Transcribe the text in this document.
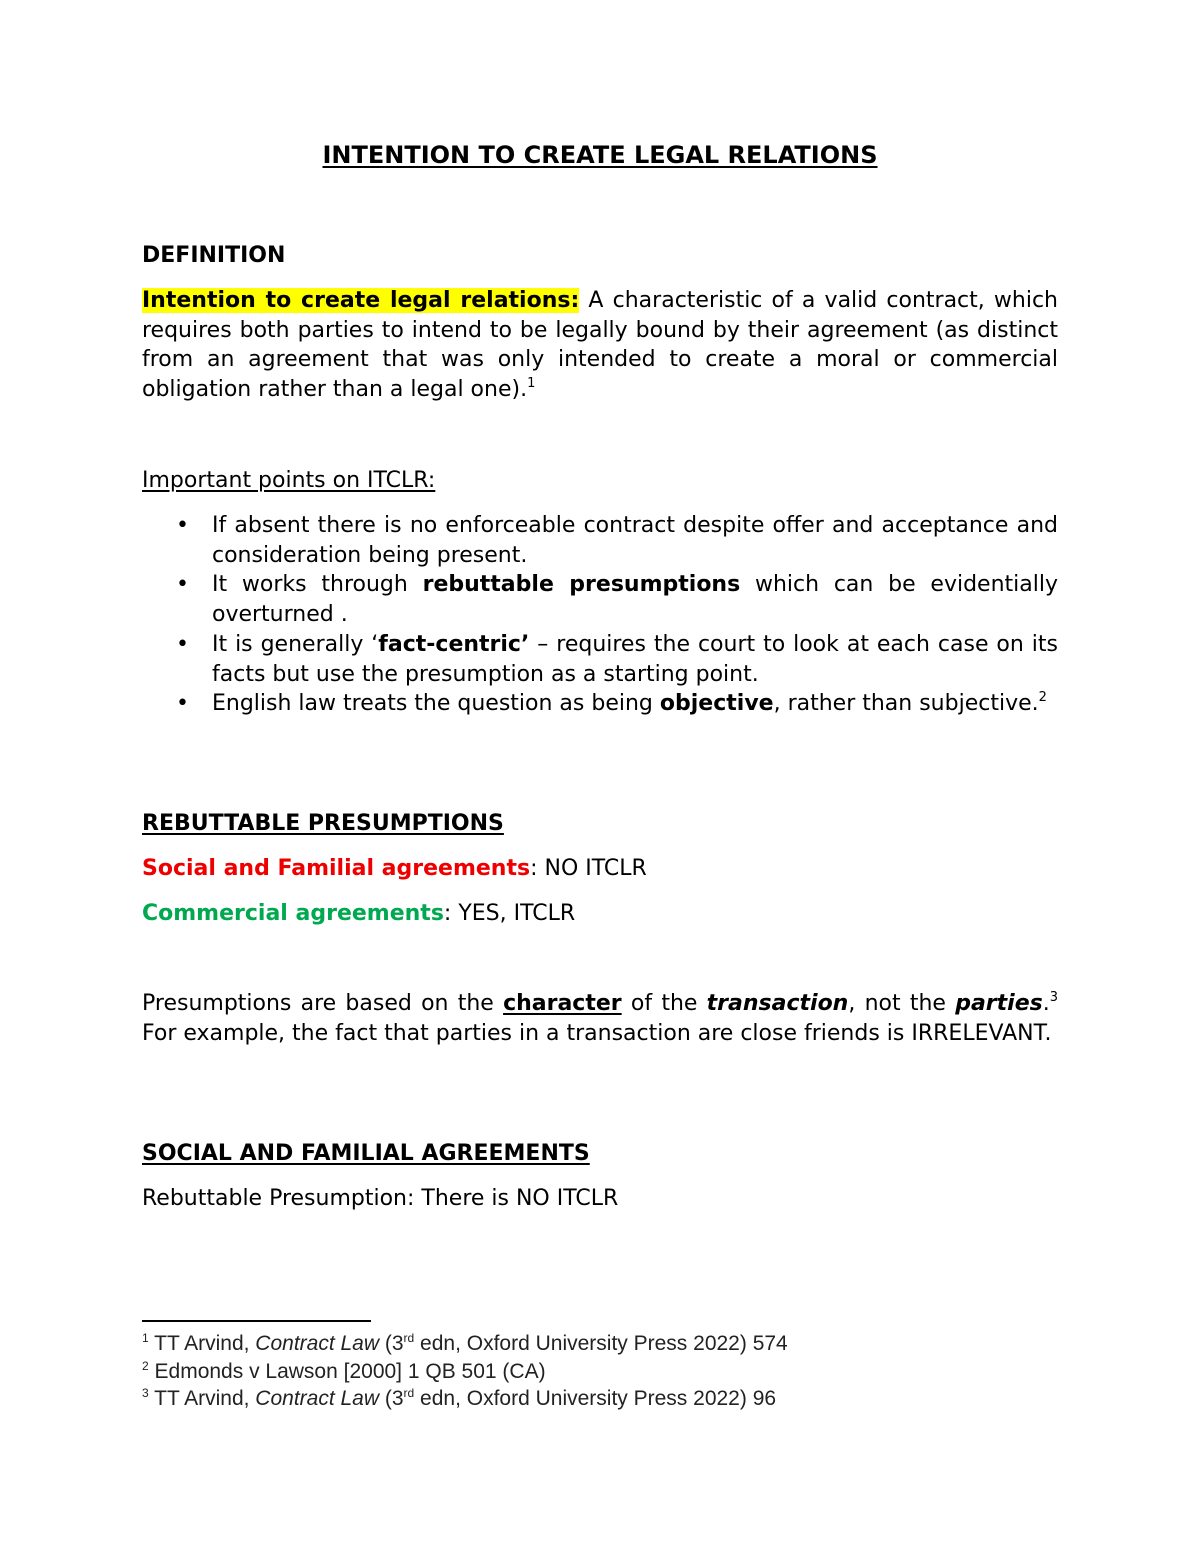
INTENTION TO CREATE LEGAL RELATIONS

DEFINITION

Intention to create legal relations: A characteristic of a valid contract, which requires both parties to intend to be legally bound by their agreement (as distinct from an agreement that was only intended to create a moral or commercial obligation rather than a legal one).$^1$

Important points on ITCLR:

• If absent there is no enforceable contract despite offer and acceptance and consideration being present.
• It works through rebuttable presumptions which can be evidentially overturned .
• It is generally ‘fact-centric’ – requires the court to look at each case on its facts but use the presumption as a starting point.
• English law treats the question as being objective, rather than subjective.$^2$

REBUTTABLE PRESUMPTIONS

Social and Familial agreements: NO ITCLR

Commercial agreements: YES, ITCLR

Presumptions are based on the character of the transaction, not the parties.$^3$ For example, the fact that parties in a transaction are close friends is IRRELEVANT.

SOCIAL AND FAMILIAL AGREEMENTS

Rebuttable Presumption: There is NO ITCLR

$^1$ TT Arvind, Contract Law (3rd edn, Oxford University Press 2022) 574

$^2$ Edmonds v Lawson [2000] 1 QB 501 (CA)

$^3$ TT Arvind, Contract Law (3rd edn, Oxford University Press 2022) 96
